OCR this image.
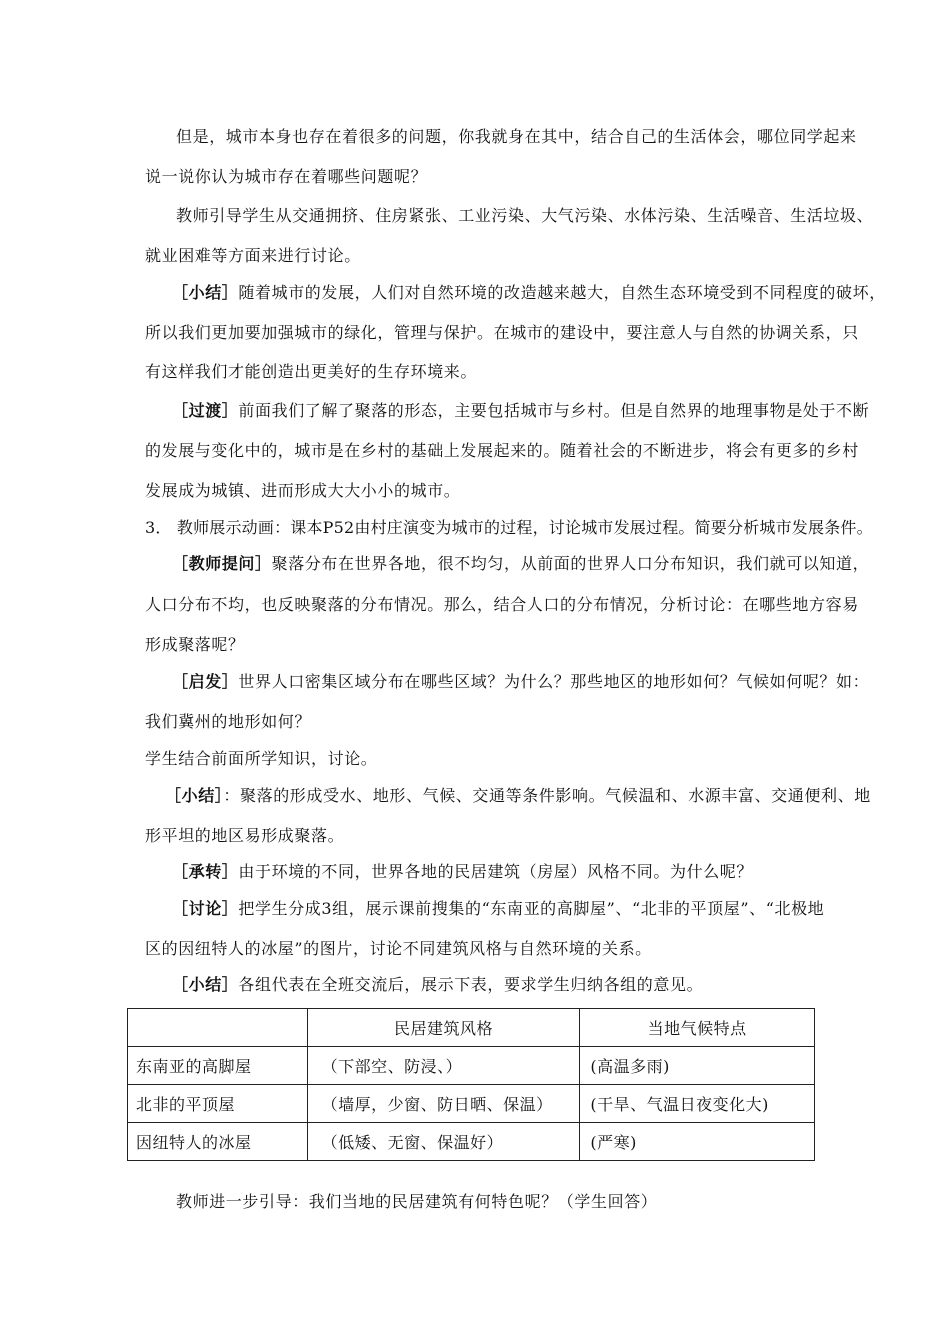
但是，城市本身也存在着很多的问题，你我就身在其中，结合自己的生活体会，哪位同学起来
说一说你认为城市存在着哪些问题呢？
教师引导学生从交通拥挤、住房紧张、工业污染、大气污染、水体污染、生活噪音、生活垃圾、
就业困难等方面来进行讨论。
［小结］随着城市的发展，人们对自然环境的改造越来越大，自然生态环境受到不同程度的破坏，
所以我们更加要加强城市的绿化，管理与保护。在城市的建设中，要注意人与自然的协调关系，只
有这样我们才能创造出更美好的生存环境来。
［过渡］前面我们了解了聚落的形态，主要包括城市与乡村。但是自然界的地理事物是处于不断
的发展与变化中的，城市是在乡村的基础上发展起来的。随着社会的不断进步，将会有更多的乡村
发展成为城镇、进而形成大大小小的城市。
3． 教师展示动画：课本P52由村庄演变为城市的过程，讨论城市发展过程。简要分析城市发展条件。
［教师提问］聚落分布在世界各地，很不均匀，从前面的世界人口分布知识，我们就可以知道，
人口分布不均，也反映聚落的分布情况。那么，结合人口的分布情况，分析讨论：在哪些地方容易
形成聚落呢？
［启发］世界人口密集区域分布在哪些区域？为什么？那些地区的地形如何？气候如何呢？如：
我们冀州的地形如何？
学生结合前面所学知识，讨论。
［小结］：聚落的形成受水、地形、气候、交通等条件影响。气候温和、水源丰富、交通便利、地
形平坦的地区易形成聚落。
［承转］由于环境的不同，世界各地的民居建筑（房屋）风格不同。为什么呢？
［讨论］把学生分成3组，展示课前搜集的“东南亚的高脚屋”、“北非的平顶屋”、“北极地
区的因纽特人的冰屋”的图片，讨论不同建筑风格与自然环境的关系。
［小结］各组代表在全班交流后，展示下表，要求学生归纳各组的意见。
	民居建筑风格	当地气候特点
东南亚的高脚屋	（下部空、防浸、）	(高温多雨)
北非的平顶屋	（墙厚，少窗、防日晒、保温）	(干旱、气温日夜变化大)
因纽特人的冰屋	（低矮、无窗、保温好）	(严寒)
教师进一步引导：我们当地的民居建筑有何特色呢？（学生回答）
